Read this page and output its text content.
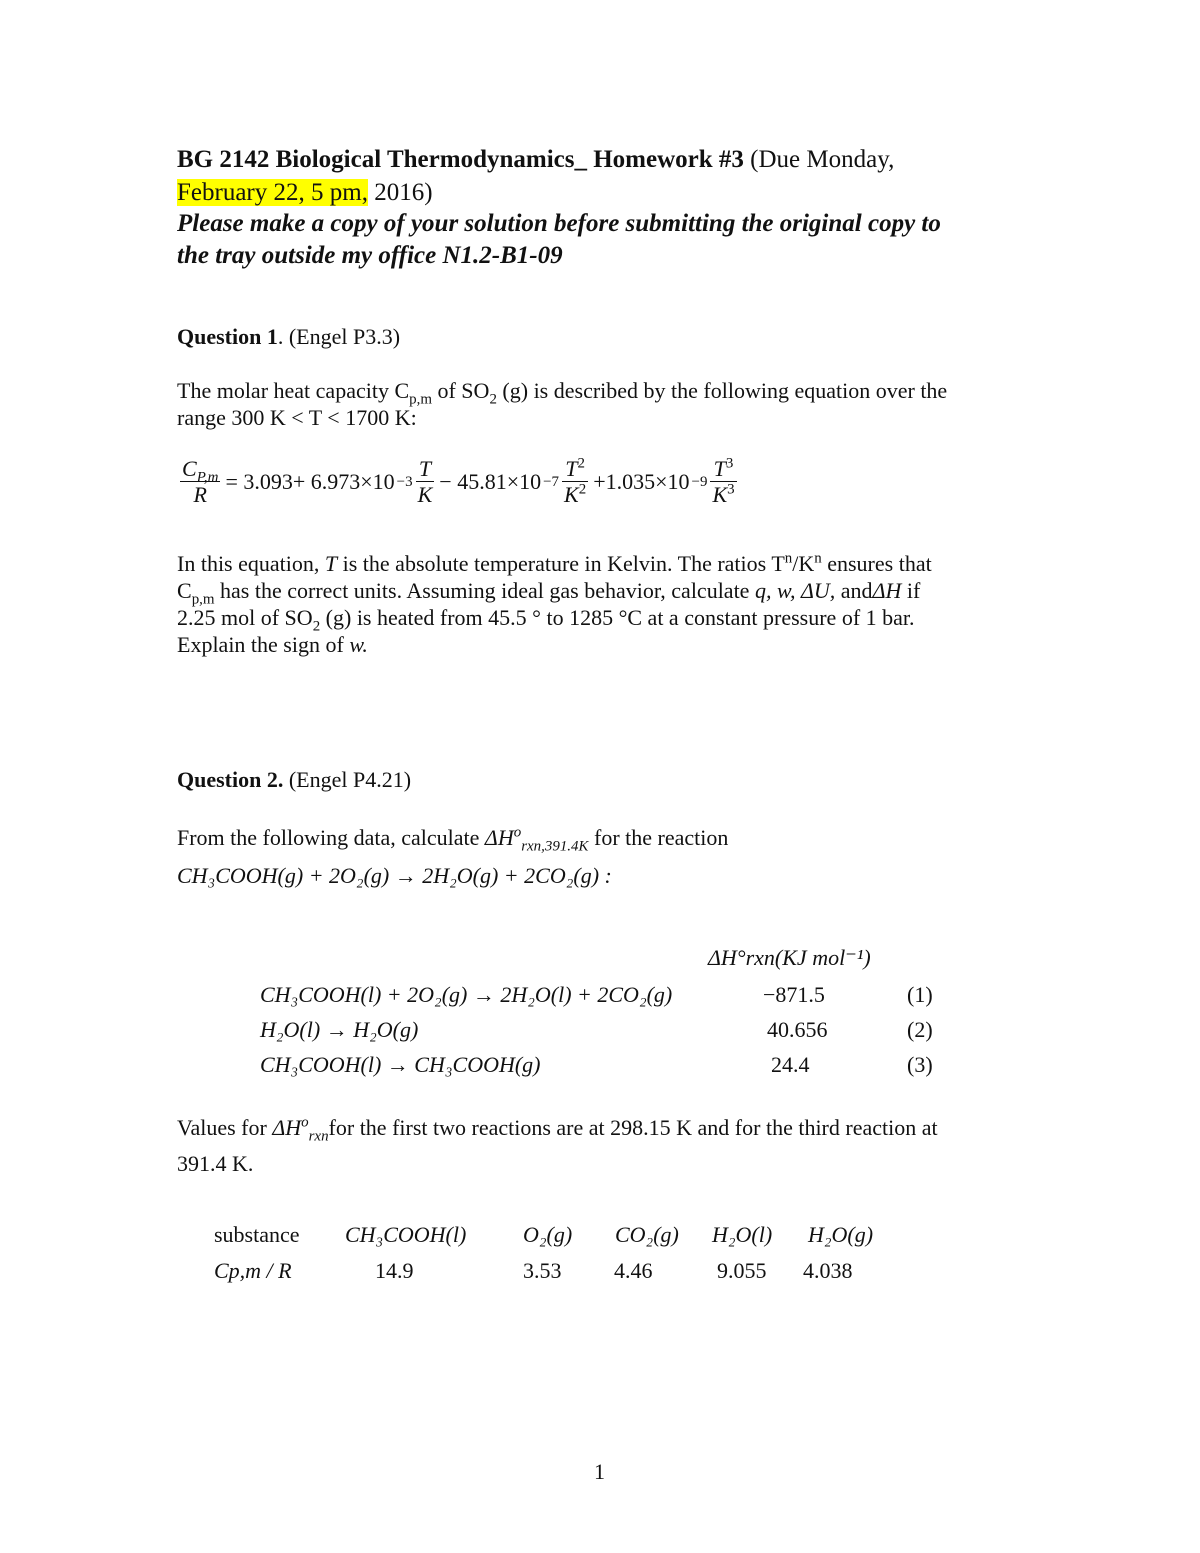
BG 2142 Biological Thermodynamics_ Homework #3 (Due Monday,
February 22, 5 pm, 2016)
Please make a copy of your solution before submitting the original copy to
the tray outside my office N1.2-B1-09
Question 1. (Engel P3.3)
The molar heat capacity $C_{p,m}$ of $SO_2$ (g) is described by the following equation over the
range 300 K < T < 1700 K:
$\frac{C_{P,m}}{R} = 3.093+ 6.973\times 10 -3 \frac{T}{K} - 45.81\times 10 -7 \frac{T^2}{K^2} +1.035\times 10 -9 \frac{T^3}{K^3}$
In this equation, T is the absolute temperature in Kelvin. The ratios $T^n/K^n$ ensures that
$C_{p,m}$ has the correct units. Assuming ideal gas behavior, calculate q, w, ΔU, andΔH if
2.25 mol of $SO_2$ (g) is heated from 45.5 ° to 1285 °C at a constant pressure of 1 bar.
Explain the sign of w.
Question 2. (Engel P4.21)
From the following data, calculate $\Delta H^o_{rxn,391.4K}$ for the reaction
CH₃COOH(g) + 2O₂(g) → 2H₂O(g) + 2CO₂(g) :
ΔH°rxn(KJ mol⁻¹)
CH₃COOH(l) + 2O₂(g) → 2H₂O(l) + 2CO₂(g)	−871.5	(1)
H₂O(l) → H₂O(g)	40.656	(2)
CH₃COOH(l) → CH₃COOH(g)	24.4	(3)
Values for $\Delta H^o_{rxn}for$ the first two reactions are at 298.15 K and for the third reaction at
391.4 K.
substance CH₃COOH(l)	O₂(g) CO₂(g) H₂O(l) H₂O(g)
Cp,m / R	14.9	3.53 4.46	9.055 4.038
1
